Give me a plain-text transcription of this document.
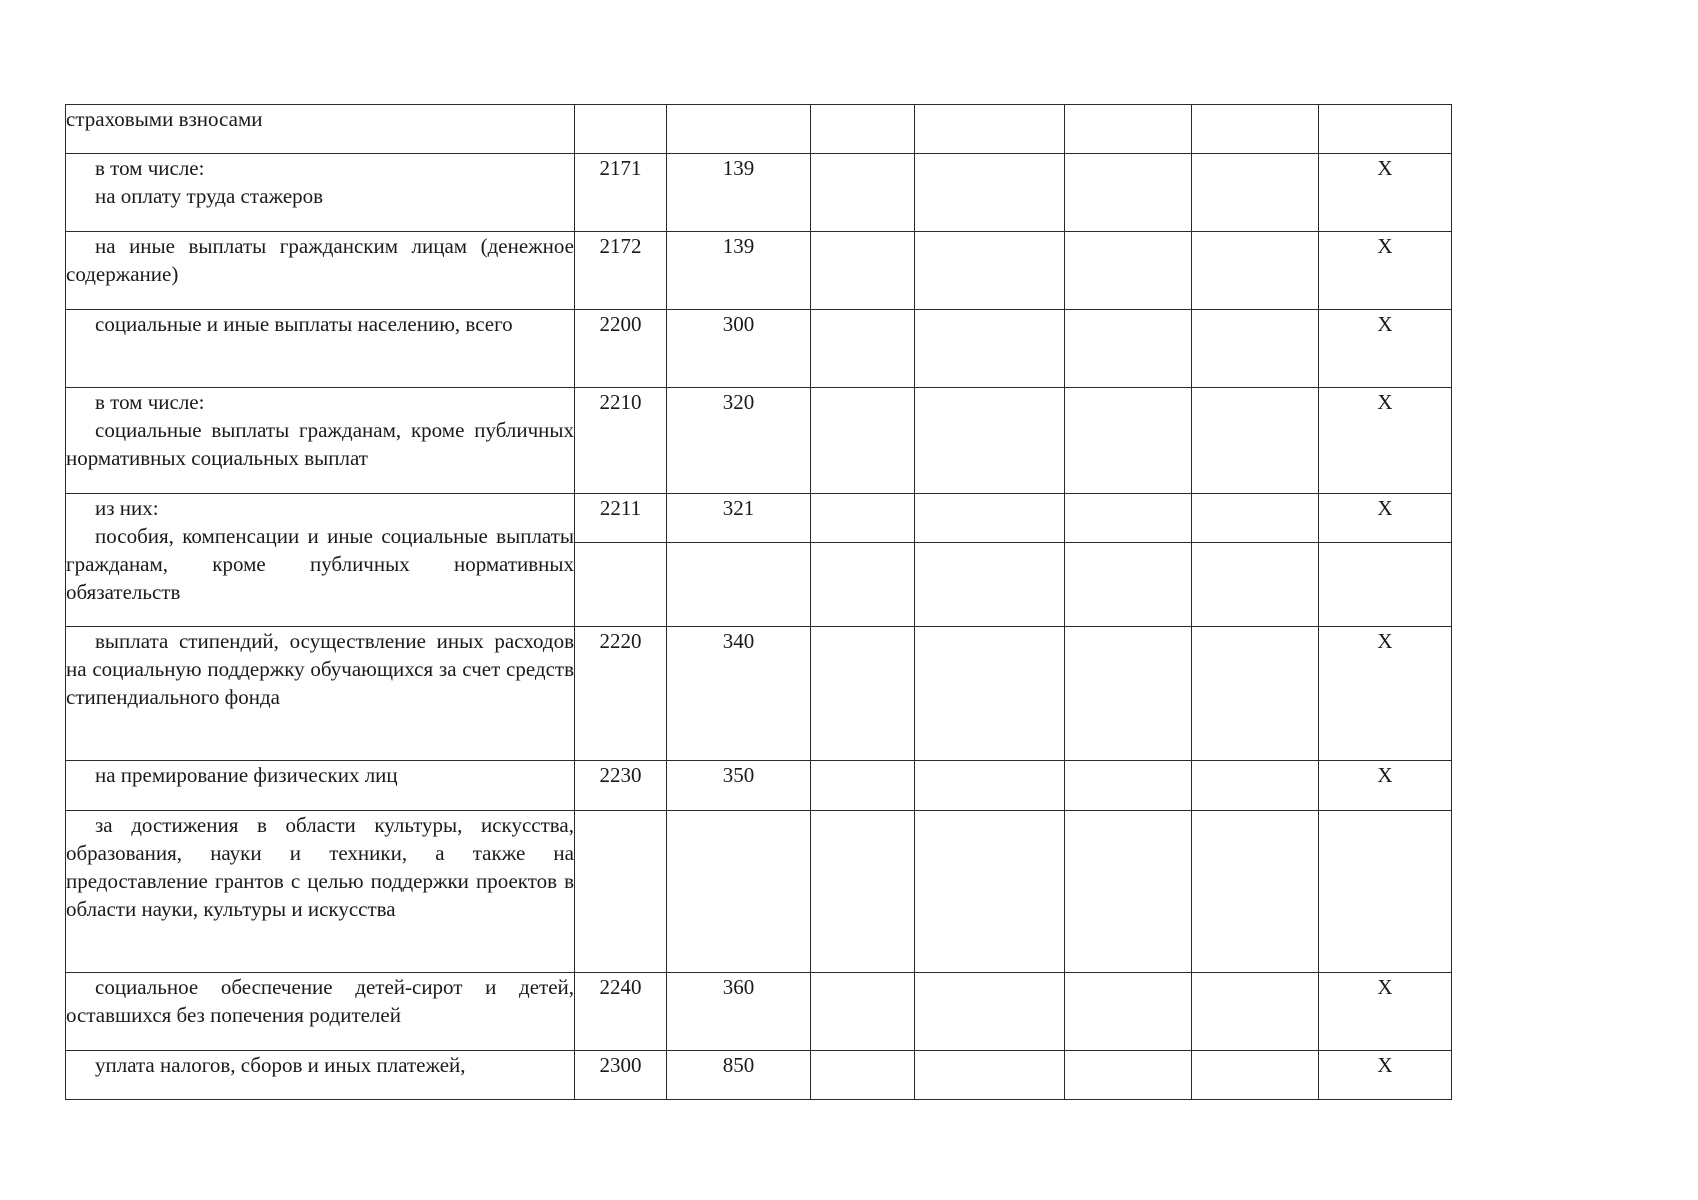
страховыми взносами							

в том числе:
на оплату труда стажеров	2171	139					X

на иные выплаты гражданским лицам (денежное содержание)	2172	139					X

социальные и иные выплаты населению, всего	2200	300					X

в том числе:
социальные выплаты гражданам, кроме публичных нормативных социальных выплат	2210	320					X

из них:
пособия, компенсации и иные социальные выплаты гражданам, кроме публичных нормативных обязательств	2211	321					X

выплата стипендий, осуществление иных расходов на социальную поддержку обучающихся за счет средств стипендиального фонда	2220	340					X

на премирование физических лиц	2230	350					X

за достижения в области культуры, искусства, образования, науки и техники, а также на предоставление грантов с целью поддержки проектов в области науки, культуры и искусства							

социальное обеспечение детей-сирот и детей, оставшихся без попечения родителей	2240	360					X

уплата налогов, сборов и иных платежей,	2300	850					X
